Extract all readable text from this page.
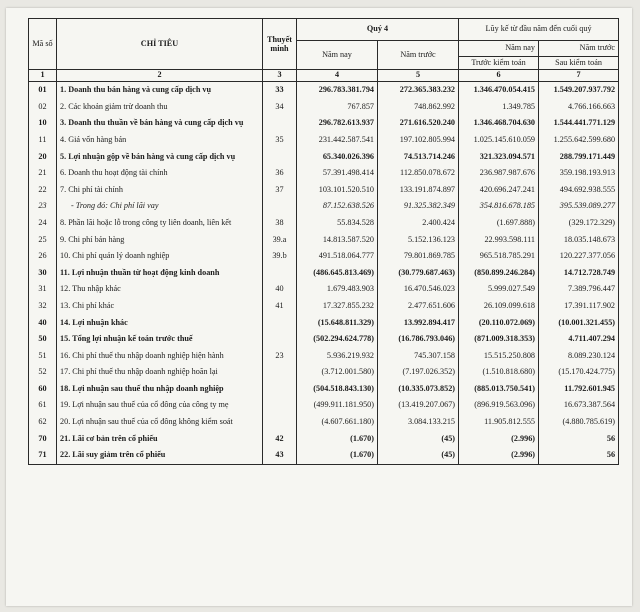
Mã số	CHỈ TIÊU	Thuyết minh	Quý 4		Lũy kế từ đầu năm đến cuối quý	
			Năm nay	Năm trước	Năm nay	Năm trước
					Trước kiểm toán	Sau kiểm toán
1	2	3	4	5	6	7
01	1. Doanh thu bán hàng và cung cấp dịch vụ	33	296.783.381.794	272.365.383.232	1.346.470.054.415	1.549.207.937.792
02	2. Các khoản giảm trừ doanh thu	34	767.857	748.862.992	1.349.785	4.766.166.663
10	3. Doanh thu thuần về bán hàng và cung cấp dịch vụ		296.782.613.937	271.616.520.240	1.346.468.704.630	1.544.441.771.129
11	4. Giá vốn hàng bán	35	231.442.587.541	197.102.805.994	1.025.145.610.059	1.255.642.599.680
20	5. Lợi nhuận gộp về bán hàng và cung cấp dịch vụ		65.340.026.396	74.513.714.246	321.323.094.571	288.799.171.449
21	6. Doanh thu hoạt động tài chính	36	57.391.498.414	112.850.078.672	236.987.987.676	359.198.193.913
22	7. Chi phí tài chính	37	103.101.520.510	133.191.874.897	420.696.247.241	494.692.938.555
23	- Trong đó: Chi phí lãi vay		87.152.638.526	91.325.382.349	354.816.678.185	395.539.089.277
24	8. Phần lãi hoặc lỗ trong công ty liên doanh, liên kết	38	55.834.528	2.400.424	(1.697.888)	(329.172.329)
25	9. Chi phí bán hàng	39.a	14.813.587.520	5.152.136.123	22.993.598.111	18.035.148.673
26	10. Chi phí quản lý doanh nghiệp	39.b	491.518.064.777	79.801.869.785	965.518.785.291	120.227.377.056
30	11. Lợi nhuận thuần từ hoạt động kinh doanh		(486.645.813.469)	(30.779.687.463)	(850.899.246.284)	14.712.728.749
31	12. Thu nhập khác	40	1.679.483.903	16.470.546.023	5.999.027.549	7.389.796.447
32	13. Chi phí khác	41	17.327.855.232	2.477.651.606	26.109.099.618	17.391.117.902
40	14. Lợi nhuận khác		(15.648.811.329)	13.992.894.417	(20.110.072.069)	(10.001.321.455)
50	15. Tổng lợi nhuận kế toán trước thuế		(502.294.624.778)	(16.786.793.046)	(871.009.318.353)	4.711.407.294
51	16. Chi phí thuế thu nhập doanh nghiệp hiện hành	23	5.936.219.932	745.307.158	15.515.250.808	8.089.230.124
52	17. Chi phí thuế thu nhập doanh nghiệp hoãn lại		(3.712.001.580)	(7.197.026.352)	(1.510.818.680)	(15.170.424.775)
60	18. Lợi nhuận sau thuế thu nhập doanh nghiệp		(504.518.843.130)	(10.335.073.852)	(885.013.750.541)	11.792.601.945
61	19. Lợi nhuận sau thuế của cổ đông của công ty mẹ		(499.911.181.950)	(13.419.207.067)	(896.919.563.096)	16.673.387.564
62	20. Lợi nhuận sau thuế của cổ đông không kiểm soát		(4.607.661.180)	3.084.133.215	11.905.812.555	(4.880.785.619)
70	21. Lãi cơ bản trên cổ phiếu	42	(1.670)	(45)	(2.996)	56
71	22. Lãi suy giảm trên cổ phiếu	43	(1.670)	(45)	(2.996)	56
